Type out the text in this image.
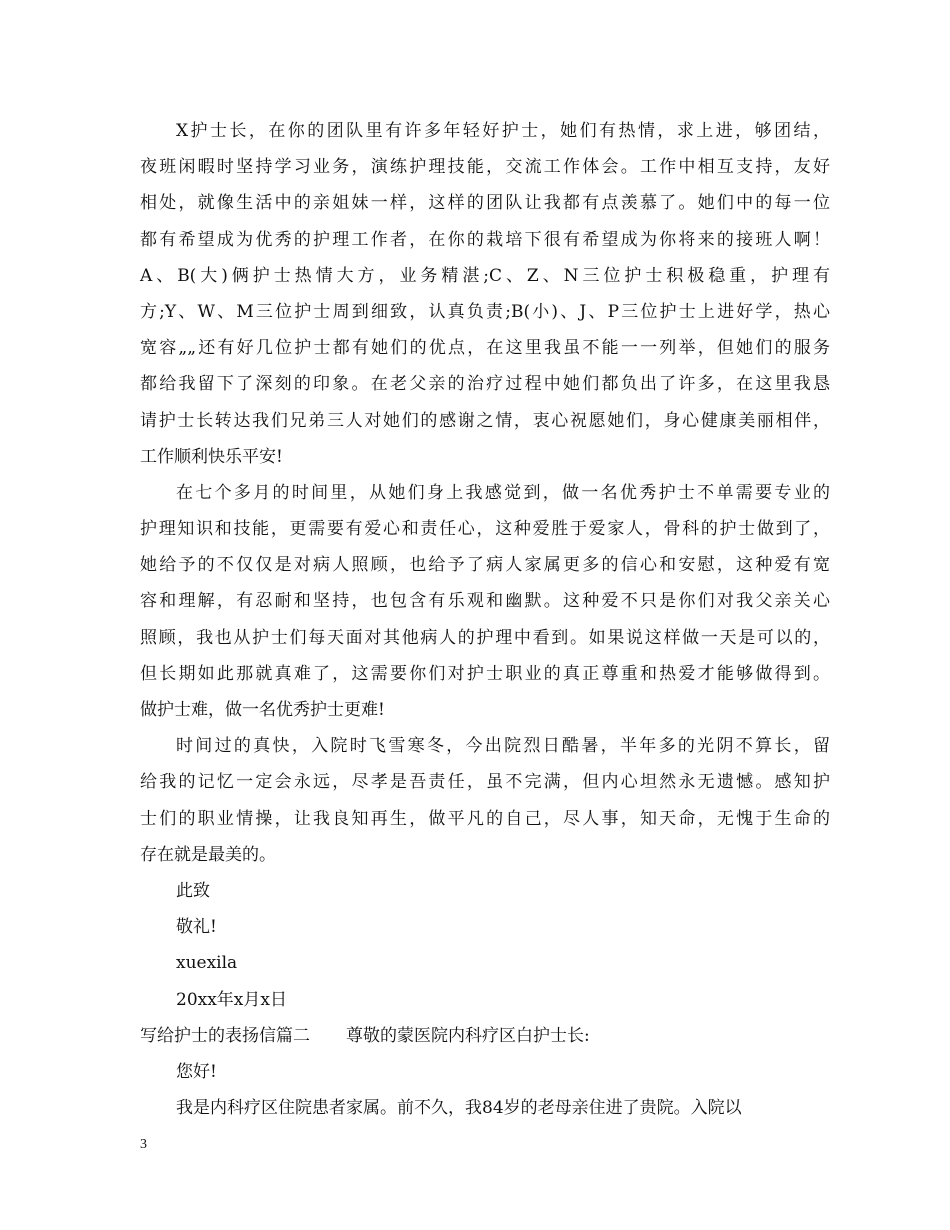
X护士长，在你的团队里有许多年轻好护士，她们有热情，求上进，够团结，
夜班闲暇时坚持学习业务，演练护理技能，交流工作体会。工作中相互支持，友好
相处，就像生活中的亲姐妹一样，这样的团队让我都有点羡慕了。她们中的每一位
都有希望成为优秀的护理工作者，在你的栽培下很有希望成为你将来的接班人啊！
A、B(大)俩护士热情大方，业务精湛;C、Z、N三位护士积极稳重，护理有
方;Y、W、M三位护士周到细致，认真负责;B(小)、J、P三位护士上进好学，热心
宽容„„还有好几位护士都有她们的优点，在这里我虽不能一一列举，但她们的服务
都给我留下了深刻的印象。在老父亲的治疗过程中她们都负出了许多，在这里我恳
请护士长转达我们兄弟三人对她们的感谢之情，衷心祝愿她们，身心健康美丽相伴，
工作顺利快乐平安!
在七个多月的时间里，从她们身上我感觉到，做一名优秀护士不单需要专业的
护理知识和技能，更需要有爱心和责任心，这种爱胜于爱家人，骨科的护士做到了，
她给予的不仅仅是对病人照顾，也给予了病人家属更多的信心和安慰，这种爱有宽
容和理解，有忍耐和坚持，也包含有乐观和幽默。这种爱不只是你们对我父亲关心
照顾，我也从护士们每天面对其他病人的护理中看到。如果说这样做一天是可以的，
但长期如此那就真难了，这需要你们对护士职业的真正尊重和热爱才能够做得到。
做护士难，做一名优秀护士更难!
时间过的真快，入院时飞雪寒冬，今出院烈日酷暑，半年多的光阴不算长，留
给我的记忆一定会永远，尽孝是吾责任，虽不完满，但内心坦然永无遗憾。感知护
士们的职业情操，让我良知再生，做平凡的自己，尽人事，知天命，无愧于生命的
存在就是最美的。
此致
敬礼!
xuexila
20xx年x月x日
写给护士的表扬信篇二 尊敬的蒙医院内科疗区白护士长:
您好!
我是内科疗区住院患者家属。前不久，我84岁的老母亲住进了贵院。入院以
3
